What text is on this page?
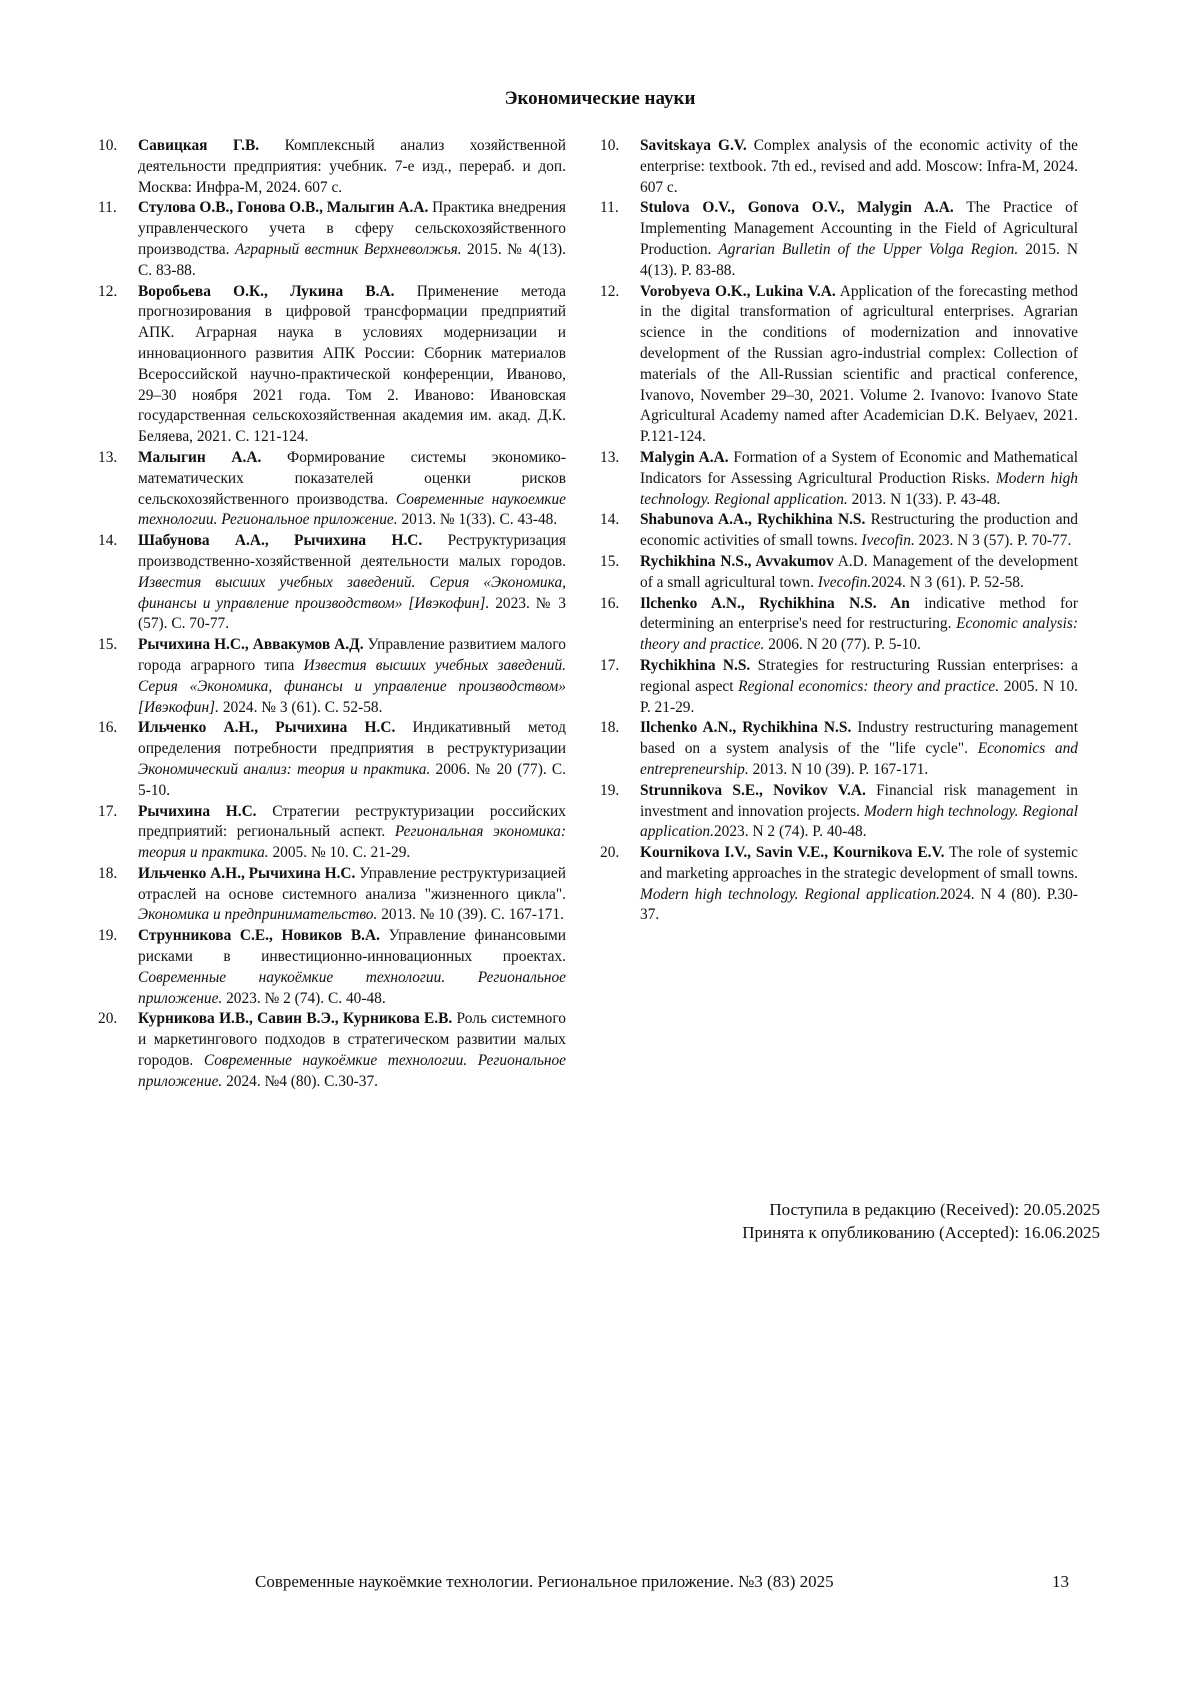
Экономические науки
10.	Савицкая Г.В. Комплексный анализ хозяйственной деятельности предприятия: учебник. 7-е изд., перераб. и доп. Москва: Инфра-М, 2024. 607 с.
11.	Стулова О.В., Гонова О.В., Малыгин А.А. Практика внедрения управленческого учета в сферу сельскохозяйственного производства. Аграрный вестник Верхневолжья. 2015. № 4(13). С. 83-88.
12.	Воробьева О.К., Лукина В.А. Применение метода прогнозирования в цифровой трансформации предприятий АПК. Аграрная наука в условиях модернизации и инновационного развития АПК России: Сборник материалов Всероссийской научно-практической конференции, Иваново, 29–30 ноября 2021 года. Том 2. Иваново: Ивановская государственная сельскохозяйственная академия им. акад. Д.К. Беляева, 2021. С. 121-124.
13.	Малыгин А.А. Формирование системы экономико-математических показателей оценки рисков сельскохозяйственного производства. Современные наукоемкие технологии. Региональное приложение. 2013. № 1(33). С. 43-48.
14.	Шабунова А.А., Рычихина Н.С. Реструктуризация производственно-хозяйственной деятельности малых городов. Известия высших учебных заведений. Серия «Экономика, финансы и управление производством» [Ивэкофин]. 2023. № 3 (57). С. 70-77.
15.	Рычихина Н.С., Аввакумов А.Д. Управление развитием малого города аграрного типа Известия высших учебных заведений. Серия «Экономика, финансы и управление производством» [Ивэкофин]. 2024. № 3 (61). С. 52-58.
16.	Ильченко А.Н., Рычихина Н.С. Индикативный метод определения потребности предприятия в реструктуризации Экономический анализ: теория и практика. 2006. № 20 (77). С. 5-10.
17.	Рычихина Н.С. Стратегии реструктуризации российских предприятий: региональный аспект. Региональная экономика: теория и практика. 2005. № 10. С. 21-29.
18.	Ильченко А.Н., Рычихина Н.С. Управление реструктуризацией отраслей на основе системного анализа "жизненного цикла". Экономика и предпринимательство. 2013. № 10 (39). С. 167-171.
19.	Струнникова С.Е., Новиков В.А. Управление финансовыми рисками в инвестиционно-инновационных проектах. Современные наукоёмкие технологии. Региональное приложение. 2023. № 2 (74). С. 40-48.
20.	Курникова И.В., Савин В.Э., Курникова Е.В. Роль системного и маркетингового подходов в стратегическом развитии малых городов. Современные наукоёмкие технологии. Региональное приложение. 2024. №4 (80). С.30-37.
10.	Savitskaya G.V. Complex analysis of the economic activity of the enterprise: textbook. 7th ed., revised and add. Moscow: Infra-M, 2024. 607 c.
11.	Stulova O.V., Gonova O.V., Malygin A.A. The Practice of Implementing Management Accounting in the Field of Agricultural Production. Agrarian Bulletin of the Upper Volga Region. 2015. N 4(13). P. 83-88.
12.	Vorobyeva O.K., Lukina V.A. Application of the forecasting method in the digital transformation of agricultural enterprises. Agrarian science in the conditions of modernization and innovative development of the Russian agro-industrial complex: Collection of materials of the All-Russian scientific and practical conference, Ivanovo, November 29–30, 2021. Volume 2. Ivanovo: Ivanovo State Agricultural Academy named after Academician D.K. Belyaev, 2021. P.121-124.
13.	Malygin A.A. Formation of a System of Economic and Mathematical Indicators for Assessing Agricultural Production Risks. Modern high technology. Regional application. 2013. N 1(33). P. 43-48.
14.	Shabunova A.A., Rychikhina N.S. Restructuring the production and economic activities of small towns. Ivecofin. 2023. N 3 (57). P. 70-77.
15.	Rychikhina N.S., Avvakumov A.D. Management of the development of a small agricultural town. Ivecofin.2024. N 3 (61). P. 52-58.
16.	Ilchenko A.N., Rychikhina N.S. An indicative method for determining an enterprise's need for restructuring. Economic analysis: theory and practice. 2006. N 20 (77). P. 5-10.
17.	Rychikhina N.S. Strategies for restructuring Russian enterprises: a regional aspect Regional economics: theory and practice. 2005. N 10. P. 21-29.
18.	Ilchenko A.N., Rychikhina N.S. Industry restructuring management based on a system analysis of the "life cycle". Economics and entrepreneurship. 2013. N 10 (39). P. 167-171.
19.	Strunnikova S.E., Novikov V.A. Financial risk management in investment and innovation projects. Modern high technology. Regional application.2023. N 2 (74). P. 40-48.
20.	Kournikova I.V., Savin V.E., Kournikova E.V. The role of systemic and marketing approaches in the strategic development of small towns. Modern high technology. Regional application.2024. N 4 (80). P.30-37.
Поступила в редакцию (Received): 20.05.2025
Принята к опубликованию (Accepted): 16.06.2025
Современные наукоёмкие технологии. Региональное приложение. №3 (83) 2025	13
